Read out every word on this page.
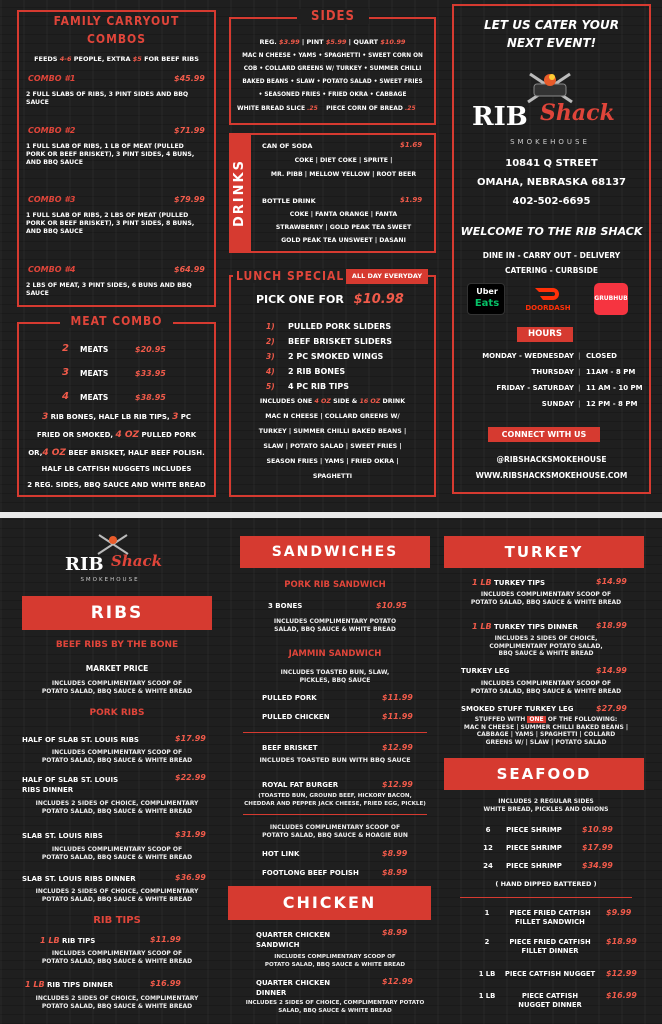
FAMILY CARRYOUT
COMBOS
FEEDS 4-6 PEOPLE, EXTRA $5 FOR BEEF RIBS
COMBO #1	$45.99
2 FULL SLABS OF RIBS, 3 PINT SIDES AND BBQ SAUCE
COMBO #2	$71.99
1 FULL SLAB OF RIBS, 1 LB OF MEAT (PULLED PORK OR BEEF BRISKET), 3 PINT SIDES, 4 BUNS, AND BBQ SAUCE
COMBO #3	$79.99
1 FULL SLAB OF RIBS, 2 LBS OF MEAT (PULLED PORK OR BEEF BRISKET), 3 PINT SIDES, 8 BUNS, AND BBQ SAUCE
COMBO #4	$64.99
2 LBS OF MEAT, 3 PINT SIDES, 6 BUNS AND BBQ SAUCE
MEAT COMBO
2 MEATS	$20.95
3 MEATS	$33.95
4 MEATS	$38.95
3 RIB BONES, HALF LB RIB TIPS, 3 PC
FRIED OR SMOKED, 4 OZ PULLED PORK
OR,4 OZ BEEF BRISKET, HALF BEEF POLISH.
HALF LB CATFISH NUGGETS INCLUDES
2 REG. SIDES, BBQ SAUCE AND WHITE BREAD
SIDES
REG. $3.99 | PINT $5.99 | QUART $10.99
MAC N CHEESE • YAMS • SPAGHETTI • SWEET CORN ON
COB • COLLARD GREENS W/ TURKEY • SUMMER CHILLI
BAKED BEANS • SLAW • POTATO SALAD • SWEET FRIES
• SEASONED FRIES • FRIED OKRA • CABBAGE
WHITE BREAD SLICE .25 PIECE CORN OF BREAD .25
DRINKS
CAN OF SODA	$1.69
COKE | DIET COKE | SPRITE |
MR. PIBB | MELLOW YELLOW | ROOT BEER
BOTTLE DRINK	$1.99
COKE | FANTA ORANGE | FANTA
STRAWBERRY | GOLD PEAK TEA SWEET
GOLD PEAK TEA UNSWEET | DASANI
LUNCH SPECIAL	ALL DAY EVERYDAY
PICK ONE FOR $10.98
1) PULLED PORK SLIDERS
2) BEEF BRISKET SLIDERS
3) 2 PC SMOKED WINGS
4) 2 RIB BONES
5) 4 PC RIB TIPS
INCLUDES ONE 4 OZ SIDE & 16 OZ DRINK
MAC N CHEESE | COLLARD GREENS W/
TURKEY | SUMMER CHILLI BAKED BEANS |
SLAW | POTATO SALAD | SWEET FRIES |
SEASON FRIES | YAMS | FRIED OKRA |
SPAGHETTI
LET US CATER YOUR
NEXT EVENT!
RIB Shack
SMOKEHOUSE
10841 Q STREET
OMAHA, NEBRASKA 68137
402-502-6695
WELCOME TO THE RIB SHACK
DINE IN - CARRY OUT - DELIVERY
CATERING - CURBSIDE
Uber
Eats	DOORDASH
GRUBHUB
HOURS
MONDAY - WEDNESDAY | CLOSED
THURSDAY | 11AM - 8 PM
FRIDAY - SATURDAY | 11 AM - 10 PM
SUNDAY | 12 PM - 8 PM
CONNECT WITH US
@RIBSHACKSMOKEHOUSE
WWW.RIBSHACKSMOKEHOUSE.COM
RIB Shack
SMOKEHOUSE
RIBS
BEEF RIBS BY THE BONE
MARKET PRICE
INCLUDES COMPLIMENTARY SCOOP OF
POTATO SALAD, BBQ SAUCE & WHITE BREAD
PORK RIBS
HALF OF SLAB ST. LOUIS RIBS	$17.99
INCLUDES COMPLIMENTARY SCOOP OF
POTATO SALAD, BBQ SAUCE & WHITE BREAD
HALF OF SLAB ST. LOUIS
RIBS DINNER
$22.99
INCLUDES 2 SIDES OF CHOICE, COMPLIMENTARY
POTATO SALAD, BBQ SAUCE & WHITE BREAD
SLAB ST. LOUIS RIBS	$31.99
INCLUDES COMPLIMENTARY SCOOP OF
POTATO SALAD, BBQ SAUCE & WHITE BREAD
SLAB ST. LOUIS RIBS DINNER	$36.99
INCLUDES 2 SIDES OF CHOICE, COMPLIMENTARY
POTATO SALAD, BBQ SAUCE & WHITE BREAD
RIB TIPS
1 LB RIB TIPS	$11.99
INCLUDES COMPLIMENTARY SCOOP OF
POTATO SALAD, BBQ SAUCE & WHITE BREAD
1 LB RIB TIPS DINNER	$16.99
INCLUDES 2 SIDES OF CHOICE, COMPLIMENTARY
POTATO SALAD, BBQ SAUCE & WHITE BREAD
SANDWICHES
PORK RIB SANDWICH
3 BONES	$10.95
INCLUDES COMPLIMENTARY POTATO
SALAD, BBQ SAUCE & WHITE BREAD
JAMMIN SANDWICH
INCLUDES TOASTED BUN, SLAW,
PICKLES, BBQ SAUCE
PULLED PORK	$11.99
PULLED CHICKEN	$11.99
BEEF BRISKET	$12.99
INCLUDES TOASTED BUN WITH BBQ SAUCE
ROYAL FAT BURGER	$12.99
(TOASTED BUN, GROUND BEEF, HICKORY BACON,
CHEDDAR AND PEPPER JACK CHEESE, FRIED EGG, PICKLE)
INCLUDES COMPLIMENTARY SCOOP OF
POTATO SALAD, BBQ SAUCE & HOAGIE BUN
HOT LINK	$8.99
FOOTLONG BEEF POLISH	$8.99
CHICKEN
QUARTER CHICKEN
SANDWICH
$8.99
INCLUDES COMPLIMENTARY SCOOP OF
POTATO SALAD, BBQ SAUCE & WHITE BREAD
QUARTER CHICKEN
DINNER
$12.99
INCLUDES 2 SIDES OF CHOICE, COMPLIMENTARY POTATO
SALAD, BBQ SAUCE & WHITE BREAD
TURKEY
1 LB TURKEY TIPS	$14.99
INCLUDES COMPLIMENTARY SCOOP OF
POTATO SALAD, BBQ SAUCE & WHITE BREAD
1 LB TURKEY TIPS DINNER $18.99
INCLUDES 2 SIDES OF CHOICE,
COMPLIMENTARY POTATO SALAD,
BBQ SAUCE & WHITE BREAD
TURKEY LEG	$14.99
INCLUDES COMPLIMENTARY SCOOP OF
POTATO SALAD, BBQ SAUCE & WHITE BREAD
SMOKED STUFF TURKEY LEG	$27.99
STUFFED WITH ONE OF THE FOLLOWING:
MAC N CHEESE | SUMMER CHILLI BAKED BEANS |
CABBAGE | YAMS | SPAGHETTI | COLLARD
GREENS W/ | SLAW | POTATO SALAD
SEAFOOD
INCLUDES 2 REGULAR SIDES
WHITE BREAD, PICKLES AND ONIONS
6	PIECE SHRIMP	$10.99
12	PIECE SHRIMP	$17.99
24	PIECE SHRIMP	$34.99
( HAND DIPPED BATTERED )
1	PIECE FRIED CATFISH
FILLET SANDWICH
$9.99
2	PIECE FRIED CATFISH
FILLET DINNER
$18.99
1 LB	PIECE CATFISH NUGGET	$12.99
1 LB	PIECE CATFISH
NUGGET DINNER
$16.99
